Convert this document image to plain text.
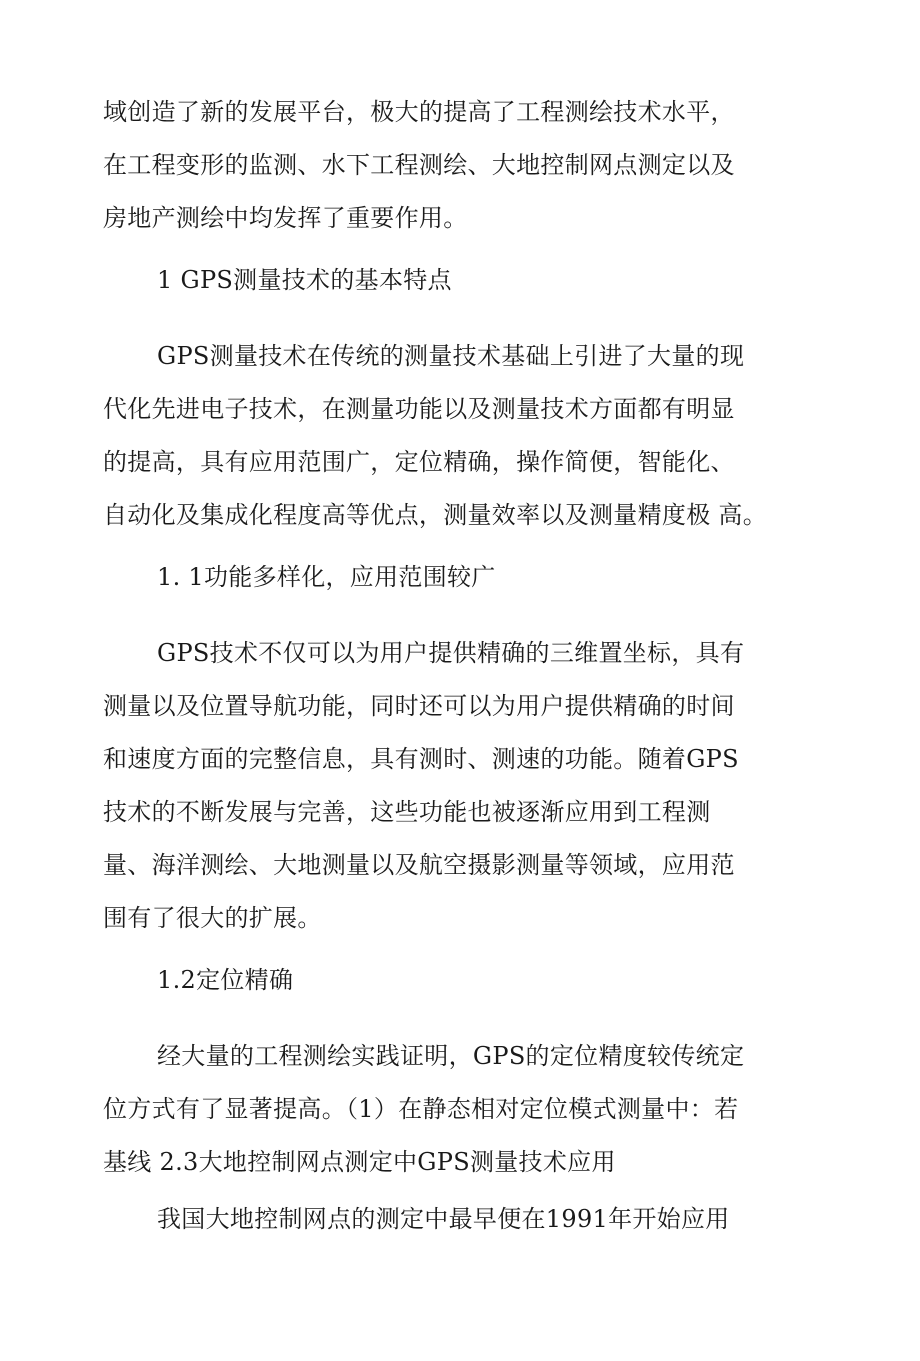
域创造了新的发展平台，极大的提高了工程测绘技术水平，

在工程变形的监测、水下工程测绘、大地控制网点测定以及

房地产测绘中均发挥了重要作用。

1 GPS测量技术的基本特点

GPS测量技术在传统的测量技术基础上引进了大量的现

代化先进电子技术，在测量功能以及测量技术方面都有明显

的提高，具有应用范围广，定位精确，操作简便，智能化、

自动化及集成化程度高等优点，测量效率以及测量精度极 高。

1. 1功能多样化，应用范围较广

GPS技术不仅可以为用户提供精确的三维置坐标，具有

测量以及位置导航功能，同时还可以为用户提供精确的时间

和速度方面的完整信息，具有测时、测速的功能。随着GPS

技术的不断发展与完善，这些功能也被逐渐应用到工程测

量、海洋测绘、大地测量以及航空摄影测量等领域，应用范

围有了很大的扩展。

1.2定位精确

经大量的工程测绘实践证明，GPS的定位精度较传统定

位方式有了显著提高。（1）在静态相对定位模式测量中：若

基线 2.3大地控制网点测定中GPS测量技术应用

我国大地控制网点的测定中最早便在1991年开始应用
